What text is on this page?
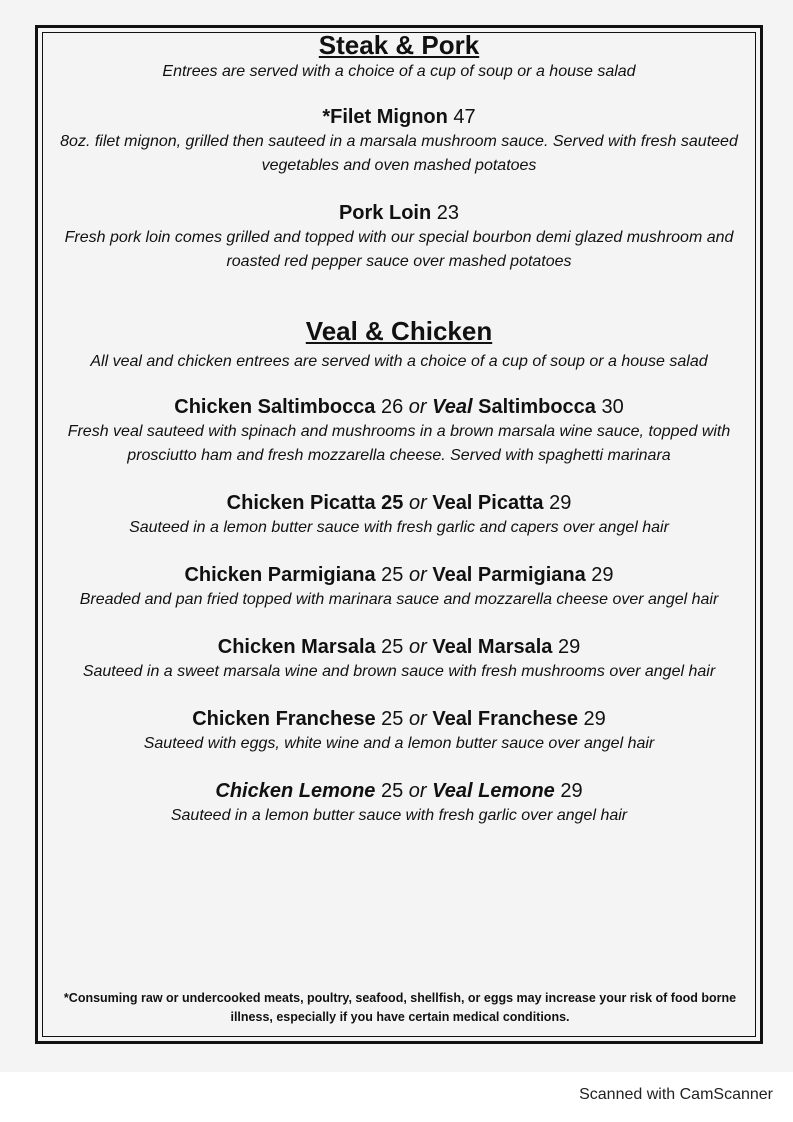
Steak & Pork

Entrees are served with a choice of a cup of soup or a house salad

*Filet Mignon 47

8oz. filet mignon, grilled then sauteed in a marsala mushroom sauce. Served with fresh sauteed vegetables and oven mashed potatoes

Pork Loin 23

Fresh pork loin comes grilled and topped with our special bourbon demi glazed mushroom and roasted red pepper sauce over mashed potatoes

Veal & Chicken

All veal and chicken entrees are served with a choice of a cup of soup or a house salad

Chicken Saltimbocca 26 or Veal Saltimbocca 30

Fresh veal sauteed with spinach and mushrooms in a brown marsala wine sauce, topped with prosciutto ham and fresh mozzarella cheese. Served with spaghetti marinara

Chicken Picatta 25 or Veal Picatta 29

Sauteed in a lemon butter sauce with fresh garlic and capers over angel hair

Chicken Parmigiana 25 or Veal Parmigiana 29

Breaded and pan fried topped with marinara sauce and mozzarella cheese over angel hair

Chicken Marsala 25 or Veal Marsala 29

Sauteed in a sweet marsala wine and brown sauce with fresh mushrooms over angel hair

Chicken Franchese 25 or Veal Franchese 29

Sauteed with eggs, white wine and a lemon butter sauce over angel hair

Chicken Lemone 25 or Veal Lemone 29

Sauteed in a lemon butter sauce with fresh garlic over angel hair

*Consuming raw or undercooked meats, poultry, seafood, shellfish, or eggs may increase your risk of food borne illness, especially if you have certain medical conditions.

Scanned with CamScanner
